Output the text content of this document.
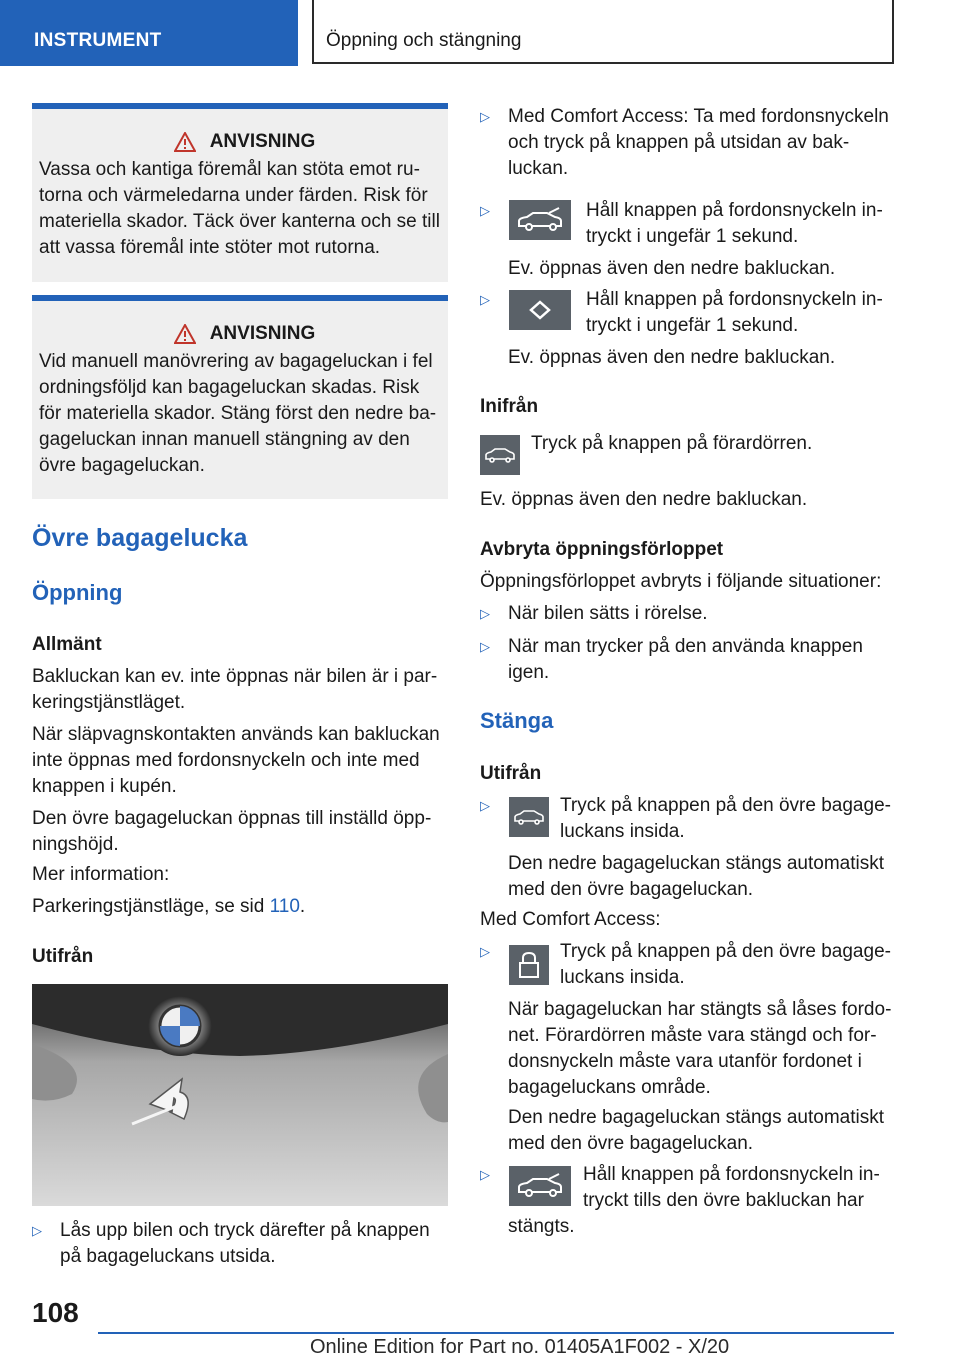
INSTRUMENT	Öppning och stängning
ANVISNING

Vassa och kantiga föremål kan stöta emot rutorna och värmeledarna under färden. Risk för materiella skador. Täck över kanterna och se till att vassa föremål inte stöter mot rutorna.

ANVISNING

Vid manuell manövrering av bagageluckan i fel ordningsföljd kan bagageluckan skadas. Risk för materiella skador. Stäng först den nedre bagageluckan innan manuell stängning av den övre bagageluckan.

Övre bagagelucka
Öppning
Allmänt

Bakluckan kan ev. inte öppnas när bilen är i parkeringstjänstläget.

När släpvagnskontakten används kan bakluckan inte öppnas med fordonsnyckeln och inte med knappen i kupén.

Den övre bagageluckan öppnas till inställd öppningshöjd.

Mer information:

Parkeringstjänstläge, se sid 110.

Utifrån
▷ Lås upp bilen och tryck därefter på knappen på bagageluckans utsida.

▷ Med Comfort Access: Ta med fordonsnyckeln och tryck på knappen på utsidan av bakluckan.

▷	Håll knappen på fordonsnyckeln intryckt i ungefär 1 sekund.

Ev. öppnas även den nedre bakluckan.

▷	Håll knappen på fordonsnyckeln intryckt i ungefär 1 sekund.

Ev. öppnas även den nedre bakluckan.

Inifrån

Tryck på knappen på förardörren.

Ev. öppnas även den nedre bakluckan.

Avbryta öppningsförloppet

Öppningsförloppet avbryts i följande situationer:

▷ När bilen sätts i rörelse.

▷ När man trycker på den använda knappen igen.

Stänga
Utifrån
▷	Tryck på knappen på den övre bagageluckans insida.

Den nedre bagageluckan stängs automatiskt med den övre bagageluckan.

Med Comfort Access:

▷	Tryck på knappen på den övre bagageluckans insida.

När bagageluckan har stängts så låses fordonet. Förardörren måste vara stängd och fordonsnyckeln måste vara utanför fordonet i bagageluckans område.

Den nedre bagageluckan stängs automatiskt med den övre bagageluckan.

▷	Håll knappen på fordonsnyckeln intryckt tills den övre bakluckan har

stängts.

108
Online Edition for Part no. 01405A1F002 - X/20
